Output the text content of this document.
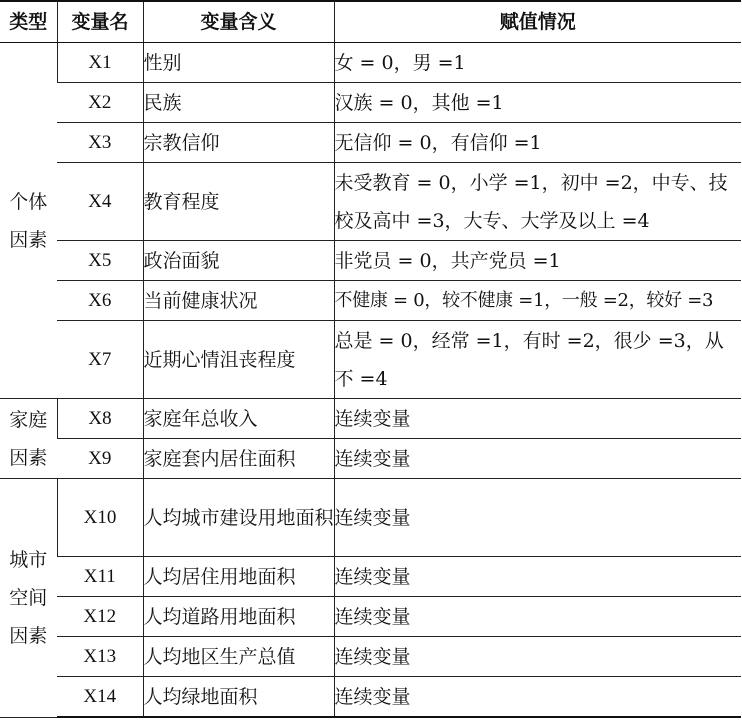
类型	变量名	变量含义	赋值情况
个体因素	X1	性别	女 = 0，男 =1
	X2	民族	汉族 = 0，其他 =1
	X3	宗教信仰	无信仰 = 0，有信仰 =1
	X4	教育程度	未受教育 = 0，小学 =1，初中 =2，中专、技校及高中 =3，大专、大学及以上 =4
	X5	政治面貌	非党员 = 0，共产党员 =1
	X6	当前健康状况	不健康 = 0，较不健康 =1，一般 =2，较好 =3
	X7	近期心情沮丧程度	总是 = 0，经常 =1，有时 =2，很少 =3，从不 =4
家庭因素	X8	家庭年总收入	连续变量
	X9	家庭套内居住面积	连续变量
城市空间因素	X10	人均城市建设用地面积	连续变量
	X11	人均居住用地面积	连续变量
	X12	人均道路用地面积	连续变量
	X13	人均地区生产总值	连续变量
	X14	人均绿地面积	连续变量
